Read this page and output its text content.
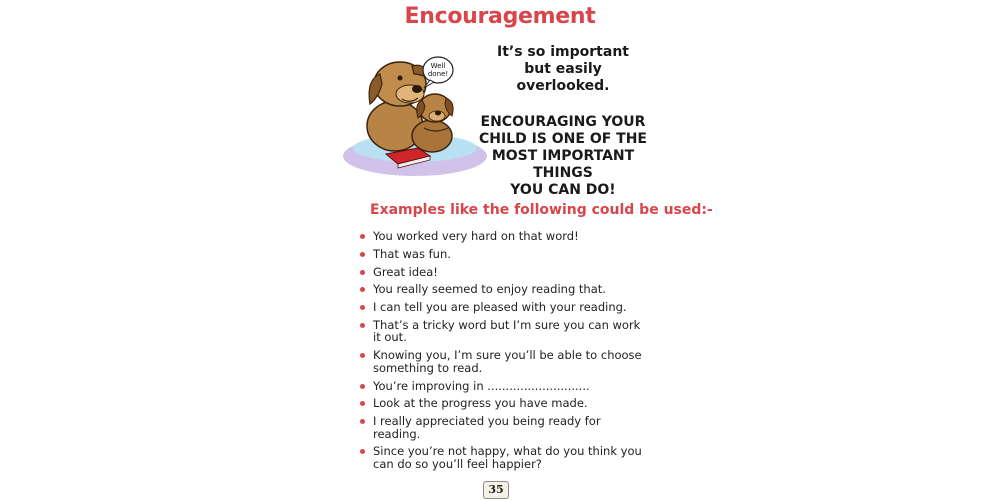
Encouragement
Well
done!
It’s so important
but easily
overlooked.
ENCOURAGING YOUR
CHILD IS ONE OF THE
MOST IMPORTANT THINGS
YOU CAN DO!
Examples like the following could be used:-
You worked very hard on that word!
That was fun.
Great idea!
You really seemed to enjoy reading that.
I can tell you are pleased with your reading.
That’s a tricky word but I’m sure you can work it out.
Knowing you, I’m sure you’ll be able to choose something to read.
You’re improving in ............................
Look at the progress you have made.
I really appreciated you being ready for reading.
Since you’re not happy, what do you think you can do so you’ll feel happier?
35
